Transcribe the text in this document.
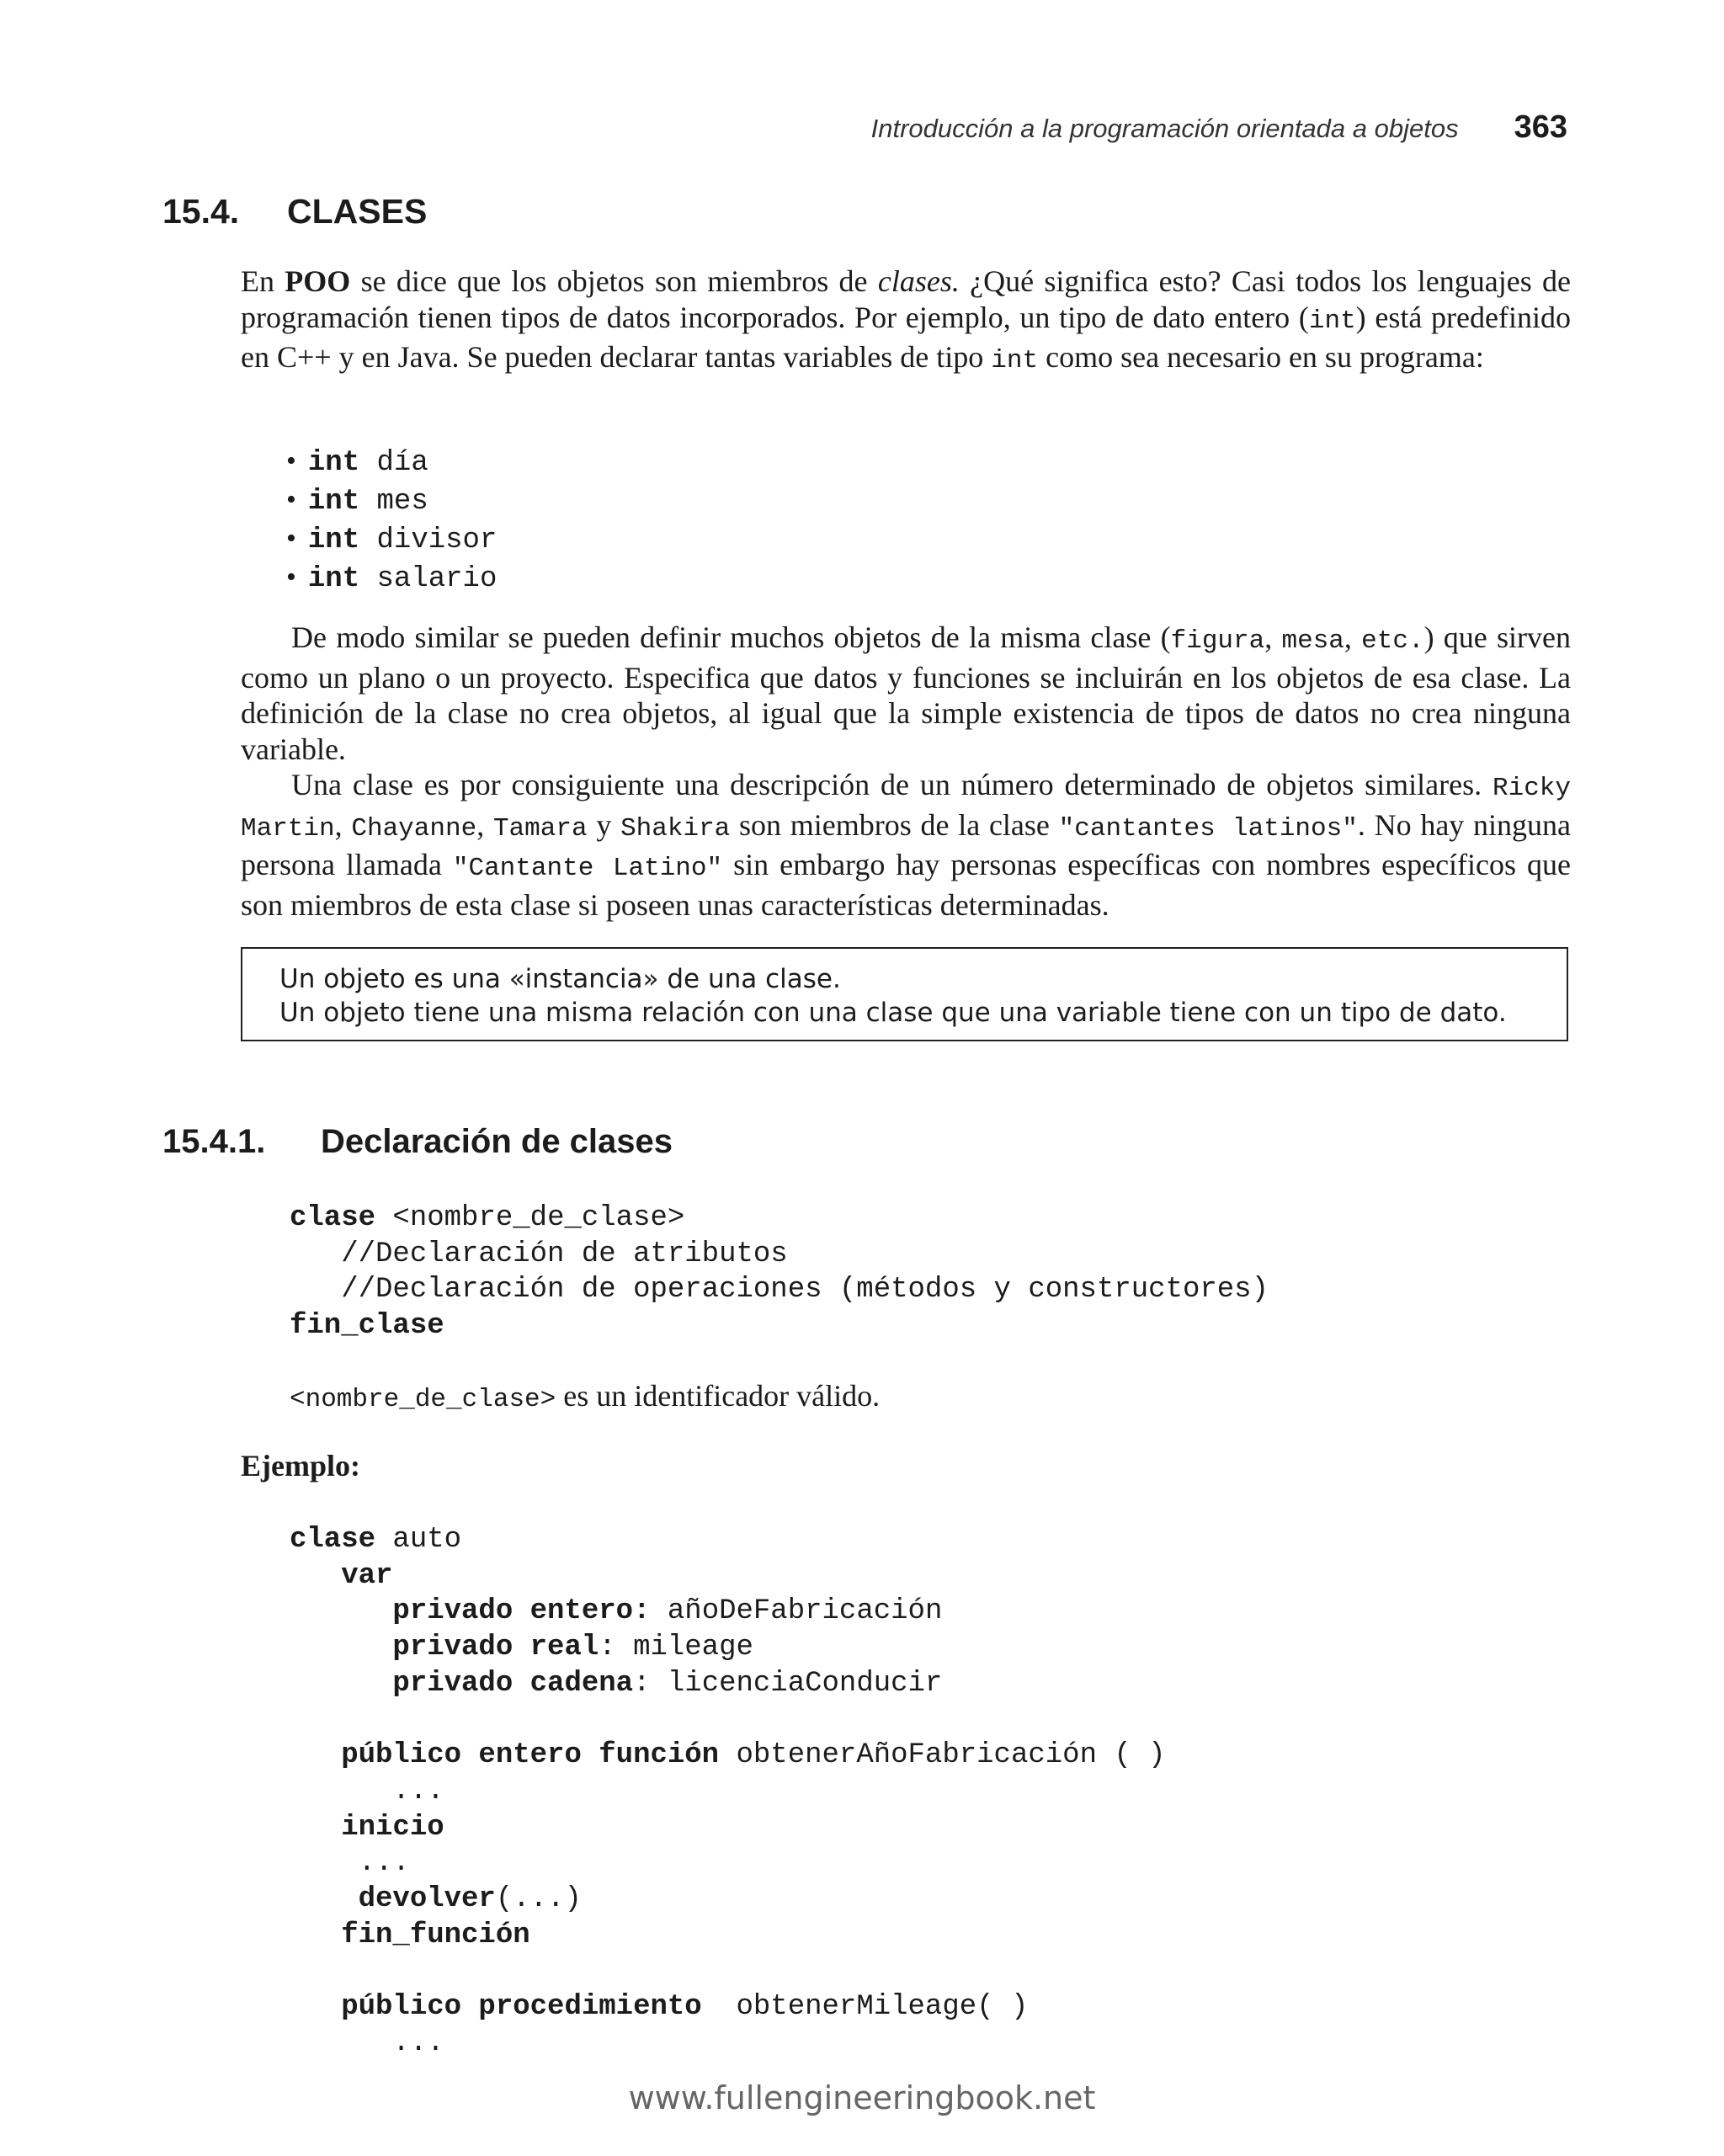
Introducción a la programación orientada a objetos 363
15.4. CLASES

En POO se dice que los objetos son miembros de clases. ¿Qué significa esto? Casi todos los lenguajes de programación tienen tipos de datos incorporados. Por ejemplo, un tipo de dato entero (int) está predefinido en C++ y en Java. Se pueden declarar tantas variables de tipo int como sea necesario en su programa:

• int día
• int mes
• int divisor
• int salario

De modo similar se pueden definir muchos objetos de la misma clase (figura, mesa, etc.) que sirven como un plano o un proyecto. Especifica que datos y funciones se incluirán en los objetos de esa clase. La definición de la clase no crea objetos, al igual que la simple existencia de tipos de datos no crea ninguna variable.

Una clase es por consiguiente una descripción de un número determinado de objetos similares. Ricky Martin, Chayanne, Tamara y Shakira son miembros de la clase "cantantes latinos". No hay ninguna persona llamada "Cantante Latino" sin embargo hay personas específicas con nombres específicos que son miembros de esta clase si poseen unas características determinadas.

Un objeto es una «instancia» de una clase.
Un objeto tiene una misma relación con una clase que una variable tiene con un tipo de dato.
15.4.1. Declaración de clases
clase <nombre_de_clase>
//Declaración de atributos
//Declaración de operaciones (métodos y constructores)
fin_clase
<nombre_de_clase> es un identificador válido.
Ejemplo:
clase auto
var
privado entero: añoDeFabricación
privado real: mileage
privado cadena: licenciaConducir

público entero función obtenerAñoFabricación ( )
...
inicio
...
devolver(...)
fin_función

público procedimiento  obtenerMileage( )
...
www.fullengineeringbook.net
